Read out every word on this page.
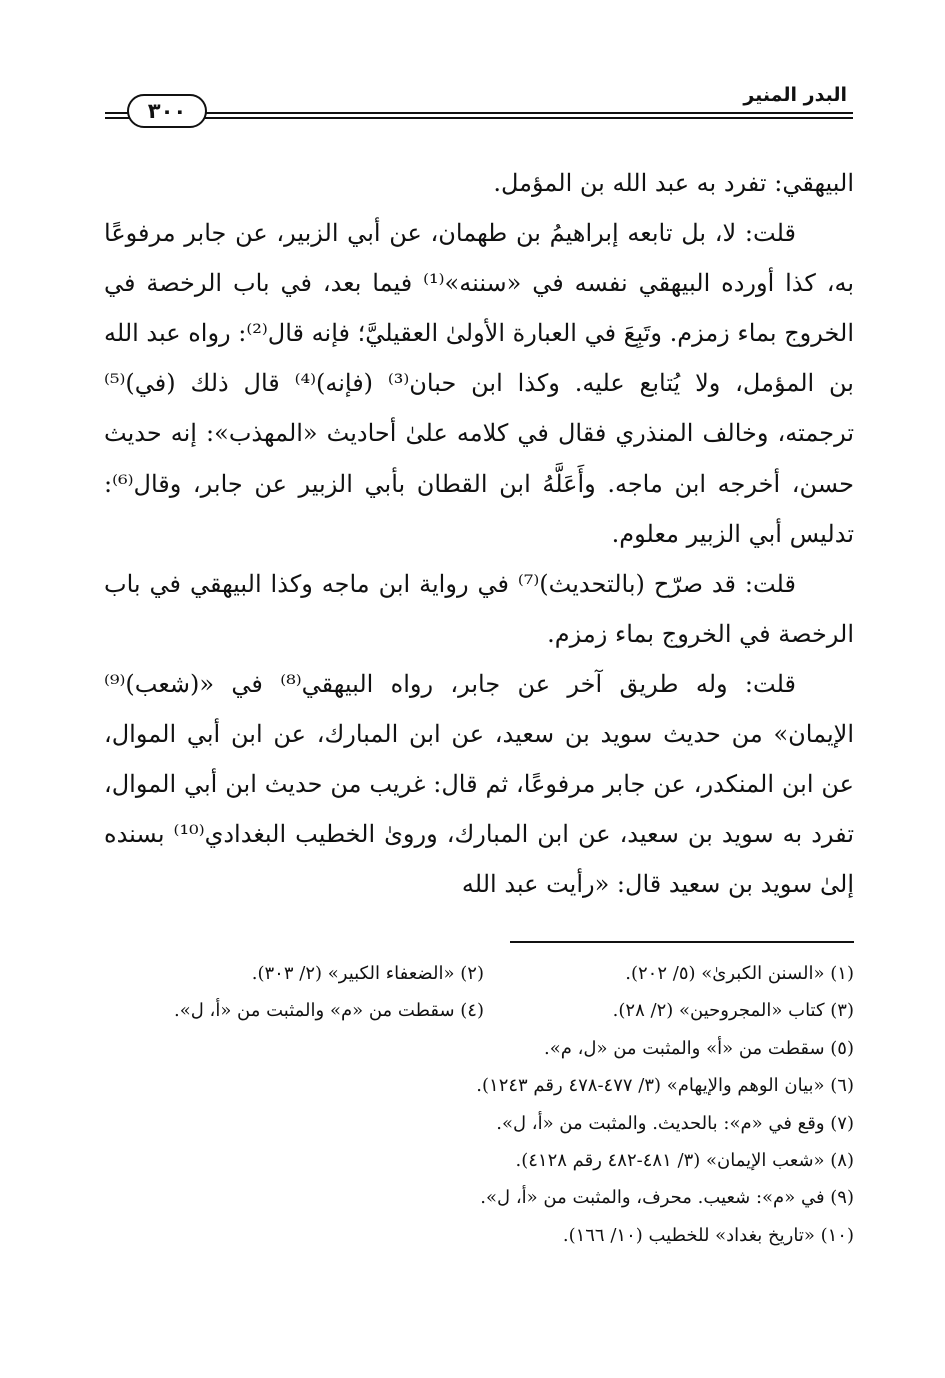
البدر المنير
٣٠٠

البيهقي: تفرد به عبد الله بن المؤمل.

قلت: لا، بل تابعه إبراهيمُ بن طهمان، عن أبي الزبير، عن جابر مرفوعًا به، كذا أورده البيهقي نفسه في «سننه»⁽¹⁾ فيما بعد، في باب الرخصة في الخروج بماء زمزم. وتَبِعَ في العبارة الأولىٰ العقيليَّ؛ فإنه قال⁽²⁾: رواه عبد الله بن المؤمل، ولا يُتابع عليه. وكذا ابن حبان⁽³⁾ (فإنه)⁽⁴⁾ قال ذلك (في)⁽⁵⁾ ترجمته، وخالف المنذري فقال في كلامه علىٰ أحاديث «المهذب»: إنه حديث حسن، أخرجه ابن ماجه. وأَعَلَّهُ ابن القطان بأبي الزبير عن جابر، وقال⁽⁶⁾: تدليس أبي الزبير معلوم.

قلت: قد صرّح (بالتحديث)⁽⁷⁾ في رواية ابن ماجه وكذا البيهقي في باب الرخصة في الخروج بماء زمزم.

قلت: وله طريق آخر عن جابر، رواه البيهقي⁽⁸⁾ في «(شعب)⁽⁹⁾ الإيمان» من حديث سويد بن سعيد، عن ابن المبارك، عن ابن أبي الموال، عن ابن المنكدر، عن جابر مرفوعًا، ثم قال: غريب من حديث ابن أبي الموال، تفرد به سويد بن سعيد، عن ابن المبارك، وروىٰ الخطيب البغدادي⁽¹⁰⁾ بسنده إلىٰ سويد بن سعيد قال: «رأيت عبد الله

(١) «السنن الكبرىٰ» (٥/ ٢٠٢).
(٢) «الضعفاء الكبير» (٢/ ٣٠٣).
(٣) كتاب «المجروحين» (٢/ ٢٨).
(٤) سقطت من «م» والمثبت من «أ، ل».
(٥) سقطت من «أ» والمثبت من «ل، م».
(٦) «بيان الوهم والإيهام» (٣/ ٤٧٧-٤٧٨ رقم ١٢٤٣).
(٧) وقع في «م»: بالحديث. والمثبت من «أ، ل».
(٨) «شعب الإيمان» (٣/ ٤٨١-٤٨٢ رقم ٤١٢٨).
(٩) في «م»: شعيب. محرف، والمثبت من «أ، ل».
(١٠) «تاريخ بغداد» للخطيب (١٠/ ١٦٦).
